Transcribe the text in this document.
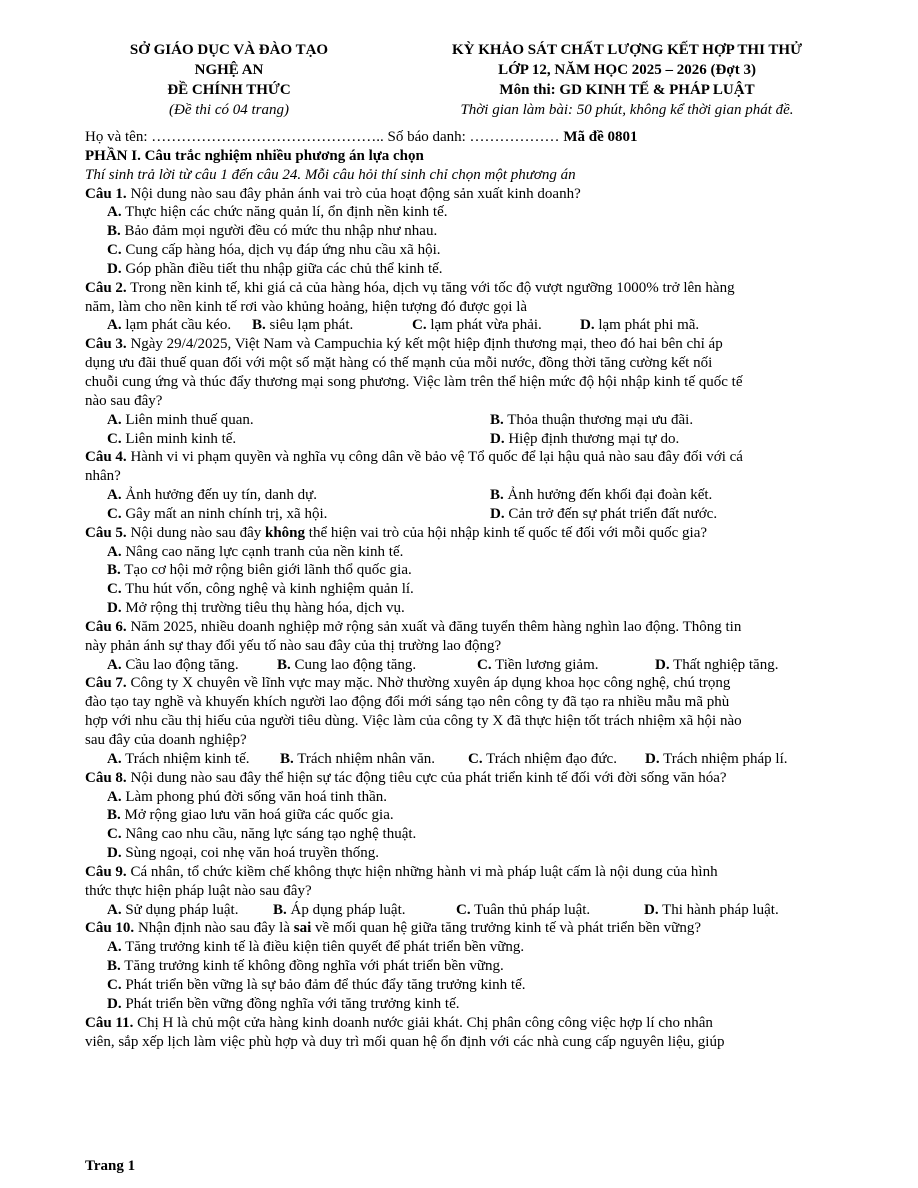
SỞ GIÁO DỤC VÀ ĐÀO TẠO
NGHỆ AN
ĐỀ CHÍNH THỨC
(Đề thi có 04 trang)
KỲ KHẢO SÁT CHẤT LƯỢNG KẾT HỢP THI THỬ
LỚP 12, NĂM HỌC 2025 – 2026 (Đợt 3)
Môn thi: GD KINH TẾ & PHÁP LUẬT
Thời gian làm bài: 50 phút, không kể thời gian phát đề.
Họ và tên: ……………………………………….. Số báo danh: ……………… Mã đề 0801
PHẦN I. Câu trắc nghiệm nhiều phương án lựa chọn
Thí sinh trả lời từ câu 1 đến câu 24. Mỗi câu hỏi thí sinh chỉ chọn một phương án
Câu 1. Nội dung nào sau đây phản ánh vai trò của hoạt động sản xuất kinh doanh?
A. Thực hiện các chức năng quản lí, ổn định nền kinh tế.
B. Bảo đảm mọi người đều có mức thu nhập như nhau.
C. Cung cấp hàng hóa, dịch vụ đáp ứng nhu cầu xã hội.
D. Góp phần điều tiết thu nhập giữa các chủ thể kinh tế.
Câu 2. Trong nền kinh tế, khi giá cả của hàng hóa, dịch vụ tăng với tốc độ vượt ngưỡng 1000% trở lên hàng
năm, làm cho nền kinh tế rơi vào khủng hoảng, hiện tượng đó được gọi là
A. lạm phát cầu kéo.	B. siêu lạm phát.	C. lạm phát vừa phải.	D. lạm phát phi mã.
Câu 3. Ngày 29/4/2025, Việt Nam và Campuchia ký kết một hiệp định thương mại, theo đó hai bên chỉ áp
dụng ưu đãi thuế quan đối với một số mặt hàng có thế mạnh của mỗi nước, đồng thời tăng cường kết nối
chuỗi cung ứng và thúc đẩy thương mại song phương. Việc làm trên thể hiện mức độ hội nhập kinh tế quốc tế
nào sau đây?
A. Liên minh thuế quan.	B. Thỏa thuận thương mại ưu đãi.
C. Liên minh kinh tế.	D. Hiệp định thương mại tự do.
Câu 4. Hành vi vi phạm quyền và nghĩa vụ công dân về bảo vệ Tổ quốc để lại hậu quả nào sau đây đối với cá
nhân?
A. Ảnh hưởng đến uy tín, danh dự.	B. Ảnh hưởng đến khối đại đoàn kết.
C. Gây mất an ninh chính trị, xã hội.	D. Cản trở đến sự phát triển đất nước.
Câu 5. Nội dung nào sau đây không thể hiện vai trò của hội nhập kinh tế quốc tế đối với mỗi quốc gia?
A. Nâng cao năng lực cạnh tranh của nền kinh tế.
B. Tạo cơ hội mở rộng biên giới lãnh thổ quốc gia.
C. Thu hút vốn, công nghệ và kinh nghiệm quản lí.
D. Mở rộng thị trường tiêu thụ hàng hóa, dịch vụ.
Câu 6. Năm 2025, nhiều doanh nghiệp mở rộng sản xuất và đăng tuyển thêm hàng nghìn lao động. Thông tin
này phản ánh sự thay đổi yếu tố nào sau đây của thị trường lao động?
A. Cầu lao động tăng.	B. Cung lao động tăng.	C. Tiền lương giảm.	D. Thất nghiệp tăng.
Câu 7. Công ty X chuyên về lĩnh vực may mặc. Nhờ thường xuyên áp dụng khoa học công nghệ, chú trọng
đào tạo tay nghề và khuyến khích người lao động đổi mới sáng tạo nên công ty đã tạo ra nhiều mẫu mã phù
hợp với nhu cầu thị hiếu của người tiêu dùng. Việc làm của công ty X đã thực hiện tốt trách nhiệm xã hội nào
sau đây của doanh nghiệp?
A. Trách nhiệm kinh tế.	B. Trách nhiệm nhân văn.	C. Trách nhiệm đạo đức.	D. Trách nhiệm pháp lí.
Câu 8. Nội dung nào sau đây thể hiện sự tác động tiêu cực của phát triển kinh tế đối với đời sống văn hóa?
A. Làm phong phú đời sống văn hoá tinh thần.
B. Mở rộng giao lưu văn hoá giữa các quốc gia.
C. Nâng cao nhu cầu, năng lực sáng tạo nghệ thuật.
D. Sùng ngoại, coi nhẹ văn hoá truyền thống.
Câu 9. Cá nhân, tổ chức kiềm chế không thực hiện những hành vi mà pháp luật cấm là nội dung của hình
thức thực hiện pháp luật nào sau đây?
A. Sử dụng pháp luật.	B. Áp dụng pháp luật.	C. Tuân thủ pháp luật.	D. Thi hành pháp luật.
Câu 10. Nhận định nào sau đây là sai về mối quan hệ giữa tăng trưởng kinh tế và phát triển bền vững?
A. Tăng trưởng kinh tế là điều kiện tiên quyết để phát triển bền vững.
B. Tăng trưởng kinh tế không đồng nghĩa với phát triển bền vững.
C. Phát triển bền vững là sự bảo đảm để thúc đẩy tăng trưởng kinh tế.
D. Phát triển bền vững đồng nghĩa với tăng trưởng kinh tế.
Câu 11. Chị H là chủ một cửa hàng kinh doanh nước giải khát. Chị phân công công việc hợp lí cho nhân
viên, sắp xếp lịch làm việc phù hợp và duy trì mối quan hệ ổn định với các nhà cung cấp nguyên liệu, giúp
Trang 1
